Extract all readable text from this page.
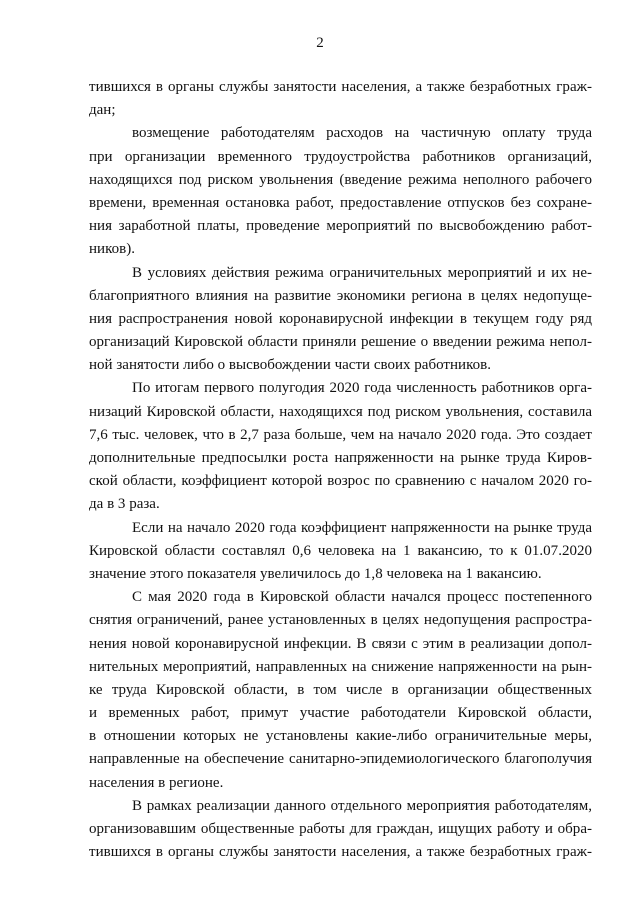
2
тившихся в органы службы занятости населения, а также безработных граж-
дан;
возмещение работодателям расходов на частичную оплату труда
при организации временного трудоустройства работников организаций,
находящихся под риском увольнения (введение режима неполного рабочего
времени, временная остановка работ, предоставление отпусков без сохране-
ния заработной платы, проведение мероприятий по высвобождению работ-
ников).
В условиях действия режима ограничительных мероприятий и их не-
благоприятного влияния на развитие экономики региона в целях недопуще-
ния распространения новой коронавирусной инфекции в текущем году ряд
организаций Кировской области приняли решение о введении режима непол-
ной занятости либо о высвобождении части своих работников.
По итогам первого полугодия 2020 года численность работников орга-
низаций Кировской области, находящихся под риском увольнения, составила
7,6 тыс. человек, что в 2,7 раза больше, чем на начало 2020 года. Это создает
дополнительные предпосылки роста напряженности на рынке труда Киров-
ской области, коэффициент которой возрос по сравнению с началом 2020 го-
да в 3 раза.
Если на начало 2020 года коэффициент напряженности на рынке труда
Кировской области составлял 0,6 человека на 1 вакансию, то к 01.07.2020
значение этого показателя увеличилось до 1,8 человека на 1 вакансию.
С мая 2020 года в Кировской области начался процесс постепенного
снятия ограничений, ранее установленных в целях недопущения распростра-
нения новой коронавирусной инфекции. В связи с этим в реализации допол-
нительных мероприятий, направленных на снижение напряженности на рын-
ке труда Кировской области, в том числе в организации общественных
и временных работ, примут участие работодатели Кировской области,
в отношении которых не установлены какие-либо ограничительные меры,
направленные на обеспечение санитарно-эпидемиологического благополучия
населения в регионе.
В рамках реализации данного отдельного мероприятия работодателям,
организовавшим общественные работы для граждан, ищущих работу и обра-
тившихся в органы службы занятости населения, а также безработных граж-
